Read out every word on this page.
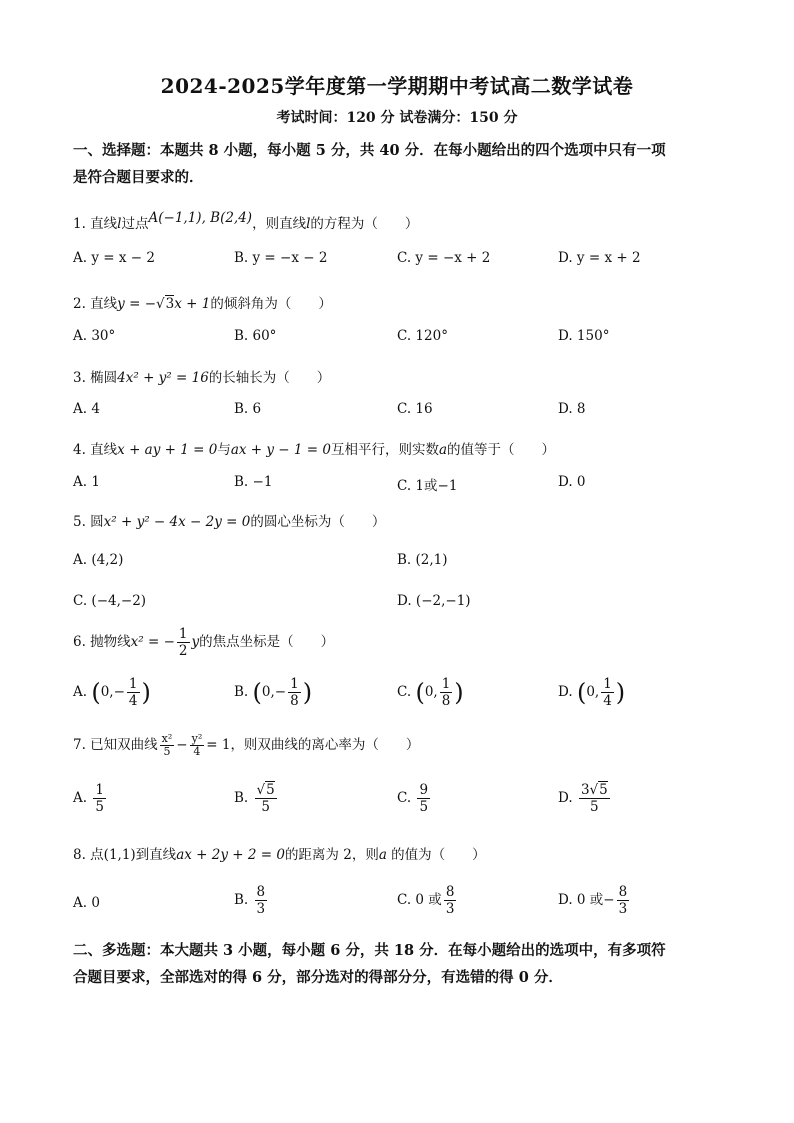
2024-2025学年度第一学期期中考试高二数学试卷
考试时间：120 分 试卷满分：150 分
一、选择题：本题共 8 小题，每小题 5 分，共 40 分．在每小题给出的四个选项中只有一项
是符合题目要求的．
1. 直线l过点A(−1,1), B(2,4)，则直线l的方程为（　　）
A. y = x − 2	B. y = −x − 2	C. y = −x + 2	D. y = x + 2
2. 直线y = −√3x + 1的倾斜角为（　　）
A. 30°	B. 60°	C. 120°	D. 150°
3. 椭圆4x² + y² = 16的长轴长为（　　）
A. 4	B. 6	C. 16	D. 8
4. 直线x + ay + 1 = 0与ax + y − 1 = 0互相平行，则实数a的值等于（　　）
A. 1	B. −1	C. 1或−1	D. 0
5. 圆x² + y² − 4x − 2y = 0的圆心坐标为（　　）
A. (4,2)	B. (2,1)
C. (−4,−2)	D. (−2,−1)
6. 抛物线x² = − $\frac{1}{2}$ y的焦点坐标是（　　）
A. ($0,- \frac{1}{4}$ )	B. ($0,- \frac{1}{8}$ )	C. (0, $\frac{1}{8}$ )	D. (0, $\frac{1}{4}$ )
7. 已知双曲线 $\frac{\text{x²}}{5} - \frac{\text{y²}}{4} = 1$，则双曲线的离心率为（　　）
A. $\frac{1}{5}$	B. $\frac{√5}{5}$	C. $\frac{9}{5}$	D. $\frac{3√5}{5}$
8. 点(1,1)到直线ax + 2y + 2 = 0的距离为 2，则a 的值为（　　）
A. 0	B. $\frac{8}{3}$	C. 0 或 $\frac{8}{3}$	D. 0 或− $\frac{8}{3}$
二、多选题：本大题共 3 小题，每小题 6 分，共 18 分．在每小题给出的选项中，有多项符
合题目要求，全部选对的得 6 分，部分选对的得部分分，有选错的得 0 分．
